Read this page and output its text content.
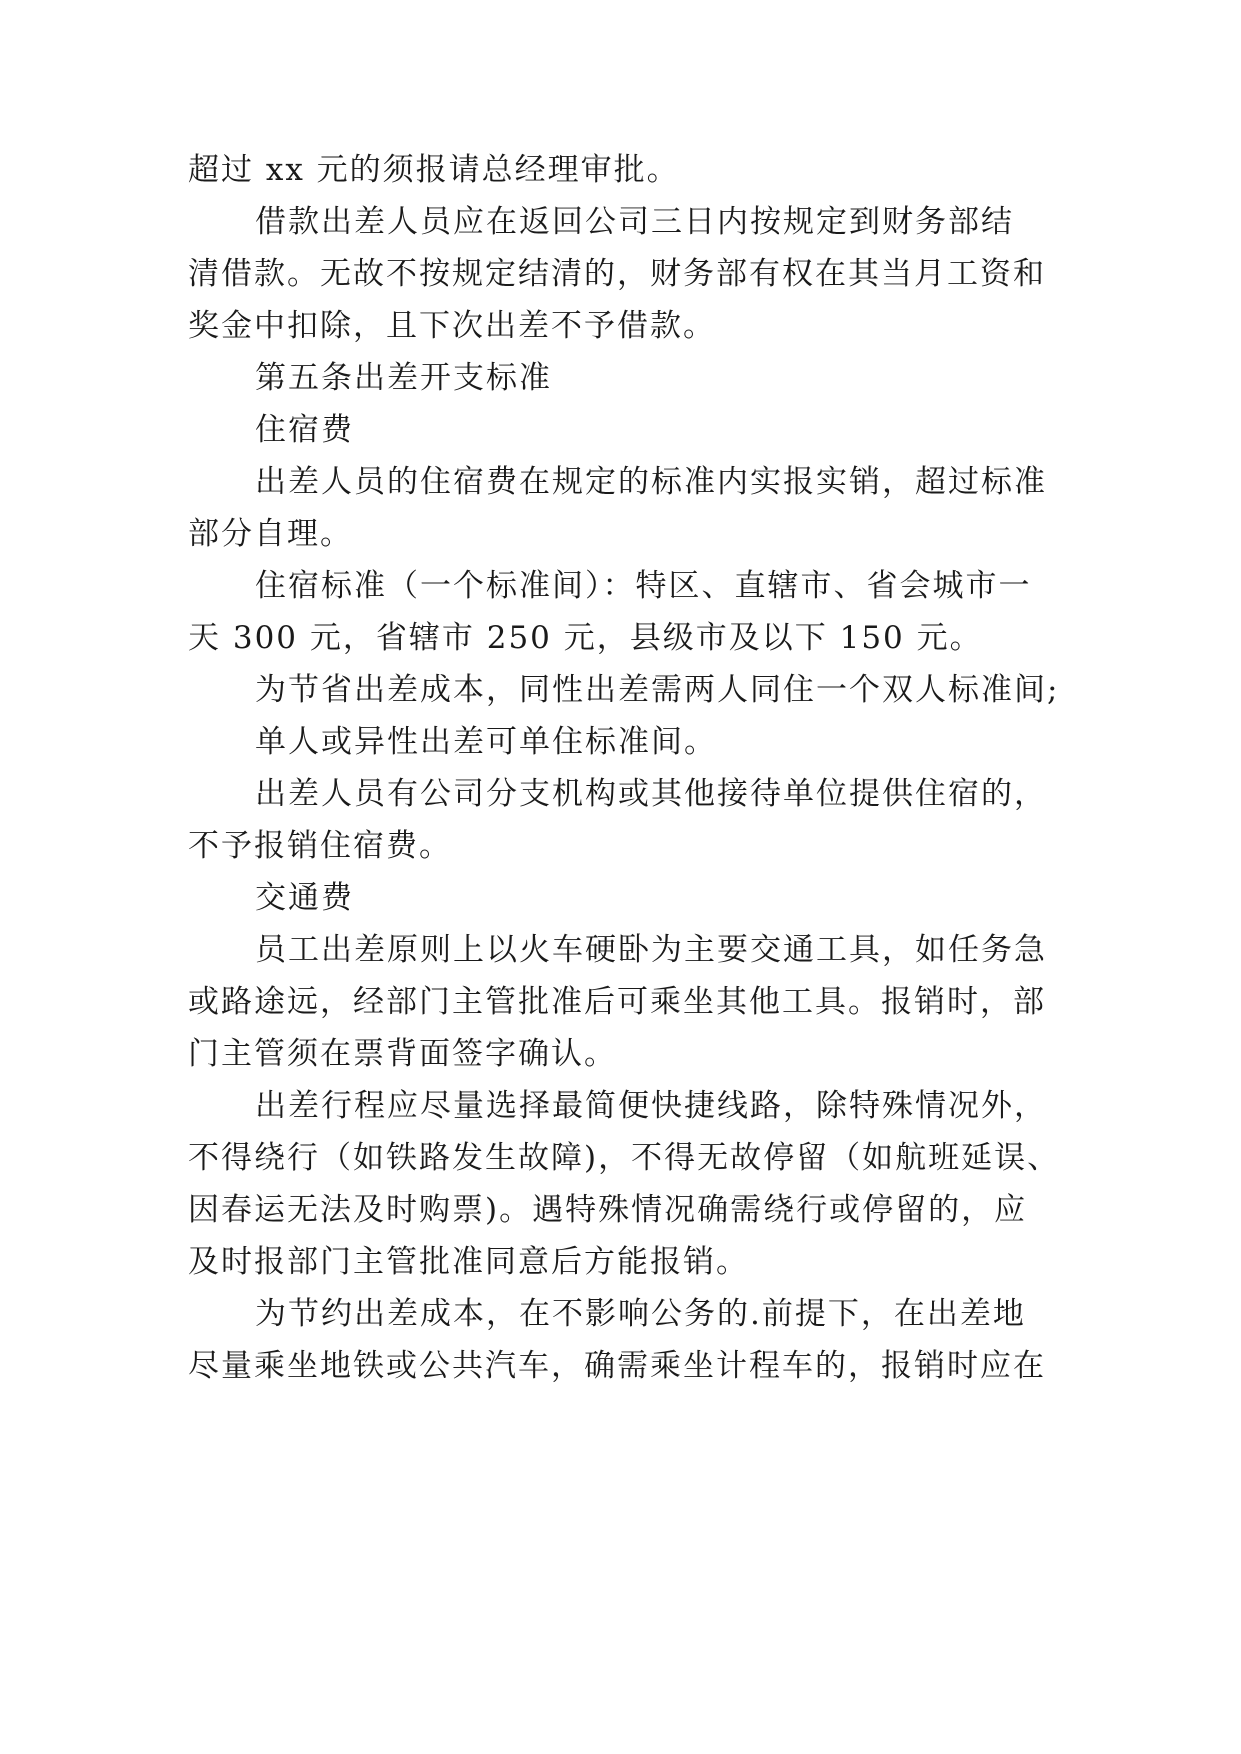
超过 xx 元的须报请总经理审批。
借款出差人员应在返回公司三日内按规定到财务部结
清借款。无故不按规定结清的，财务部有权在其当月工资和
奖金中扣除，且下次出差不予借款。
第五条出差开支标准
住宿费
出差人员的住宿费在规定的标准内实报实销，超过标准
部分自理。
住宿标准（一个标准间）：特区、直辖市、省会城市一
天 300 元，省辖市 250 元，县级市及以下 150 元。
为节省出差成本，同性出差需两人同住一个双人标准间;
单人或异性出差可单住标准间。
出差人员有公司分支机构或其他接待单位提供住宿的，
不予报销住宿费。
交通费
员工出差原则上以火车硬卧为主要交通工具，如任务急
或路途远，经部门主管批准后可乘坐其他工具。报销时，部
门主管须在票背面签字确认。
出差行程应尽量选择最简便快捷线路，除特殊情况外，
不得绕行（如铁路发生故障)，不得无故停留（如航班延误、
因春运无法及时购票)。遇特殊情况确需绕行或停留的，应
及时报部门主管批准同意后方能报销。
为节约出差成本，在不影响公务的.前提下，在出差地
尽量乘坐地铁或公共汽车，确需乘坐计程车的，报销时应在
